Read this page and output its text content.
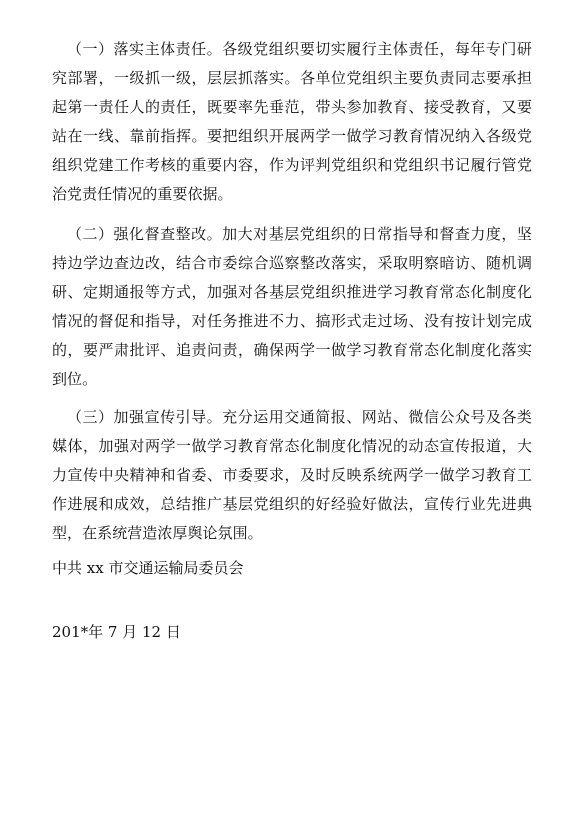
（一）落实主体责任。各级党组织要切实履行主体责任，每年专门研究部署，一级抓一级，层层抓落实。各单位党组织主要负责同志要承担起第一责任人的责任，既要率先垂范，带头参加教育、接受教育，又要站在一线、靠前指挥。要把组织开展两学一做学习教育情况纳入各级党组织党建工作考核的重要内容，作为评判党组织和党组织书记履行管党治党责任情况的重要依据。

（二）强化督查整改。加大对基层党组织的日常指导和督查力度，坚持边学边查边改，结合市委综合巡察整改落实，采取明察暗访、随机调研、定期通报等方式，加强对各基层党组织推进学习教育常态化制度化情况的督促和指导，对任务推进不力、搞形式走过场、没有按计划完成的，要严肃批评、追责问责，确保两学一做学习教育常态化制度化落实到位。

（三）加强宣传引导。充分运用交通简报、网站、微信公众号及各类媒体，加强对两学一做学习教育常态化制度化情况的动态宣传报道，大力宣传中央精神和省委、市委要求，及时反映系统两学一做学习教育工作进展和成效，总结推广基层党组织的好经验好做法，宣传行业先进典型，在系统营造浓厚舆论氛围。

中共 xx 市交通运输局委员会

201*年 7 月 12 日
